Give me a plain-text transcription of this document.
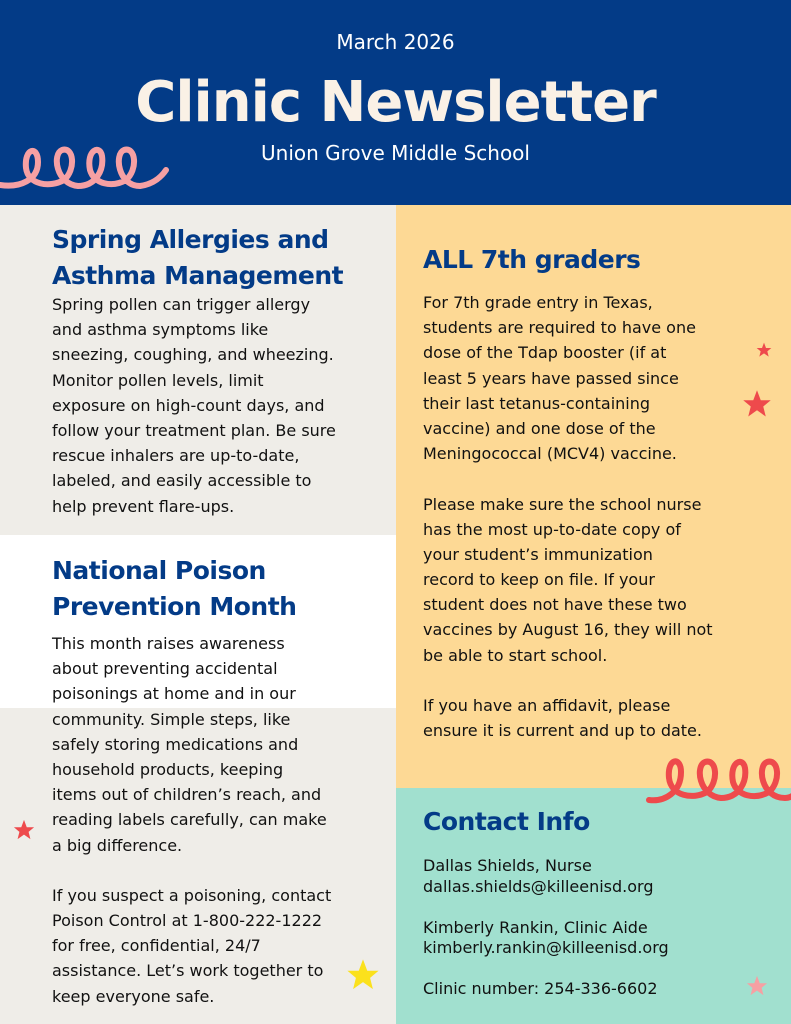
March 2026
Clinic Newsletter
Union Grove Middle School
Spring Allergies and
Asthma Management
Spring pollen can trigger allergy
and asthma symptoms like
sneezing, coughing, and wheezing.
Monitor pollen levels, limit
exposure on high-count days, and
follow your treatment plan. Be sure
rescue inhalers are up-to-date,
labeled, and easily accessible to
help prevent flare-ups.
National Poison
Prevention Month
This month raises awareness
about preventing accidental
poisonings at home and in our
community. Simple steps, like
safely storing medications and
household products, keeping
items out of children’s reach, and
reading labels carefully, can make
a big difference.
If you suspect a poisoning, contact
Poison Control at 1-800-222-1222
for free, confidential, 24/7
assistance. Let’s work together to
keep everyone safe.
ALL 7th graders
For 7th grade entry in Texas,
students are required to have one
dose of the Tdap booster (if at
least 5 years have passed since
their last tetanus-containing
vaccine) and one dose of the
Meningococcal (MCV4) vaccine.
Please make sure the school nurse
has the most up-to-date copy of
your student’s immunization
record to keep on file. If your
student does not have these two
vaccines by August 16, they will not
be able to start school.
If you have an affidavit, please
ensure it is current and up to date.
Contact Info
Dallas Shields, Nurse
dallas.shields@killeenisd.org
Kimberly Rankin, Clinic Aide
kimberly.rankin@killeenisd.org
Clinic number: 254-336-6602
